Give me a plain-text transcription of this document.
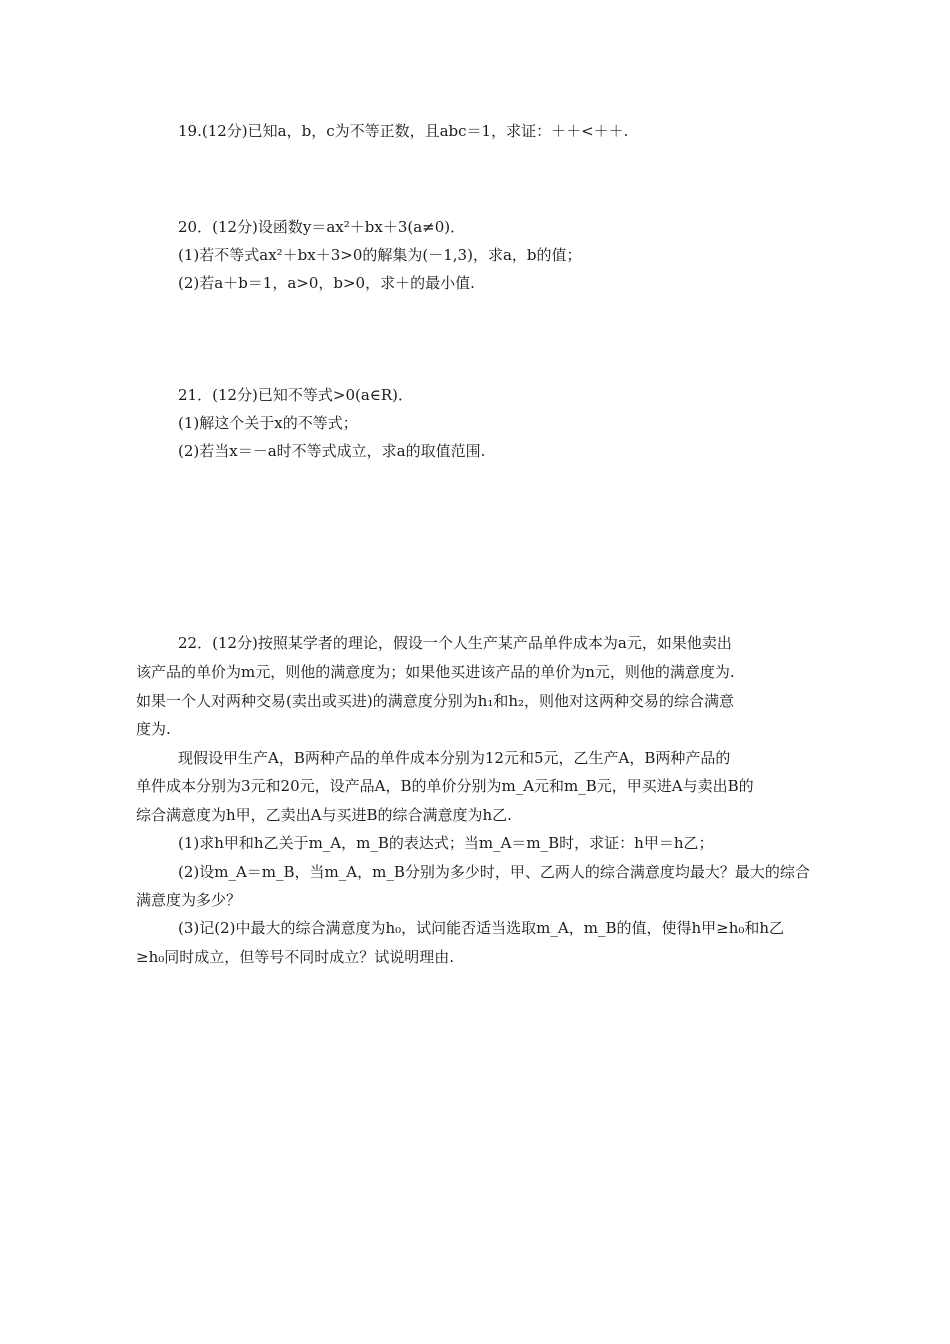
19.(12分)已知a，b，c为不等正数，且abc＝1，求证：＋＋<＋＋.
20．(12分)设函数y＝ax²＋bx＋3(a≠0)．
(1)若不等式ax²＋bx＋3>0的解集为(－1,3)，求a，b的值；
(2)若a＋b＝1，a>0，b>0，求＋的最小值.
21．(12分)已知不等式>0(a∈R)．
(1)解这个关于x的不等式；
(2)若当x＝－a时不等式成立，求a的取值范围.
22．(12分)按照某学者的理论，假设一个人生产某产品单件成本为a元，如果他卖出
该产品的单价为m元，则他的满意度为；如果他买进该产品的单价为n元，则他的满意度为.
如果一个人对两种交易(卖出或买进)的满意度分别为h₁和h₂，则他对这两种交易的综合满意
度为.
现假设甲生产A，B两种产品的单件成本分别为12元和5元，乙生产A，B两种产品的
单件成本分别为3元和20元，设产品A，B的单价分别为m_A元和m_B元，甲买进A与卖出B的
综合满意度为h甲，乙卖出A与买进B的综合满意度为h乙.
(1)求h甲和h乙关于m_A，m_B的表达式；当m_A＝m_B时，求证：h甲＝h乙；
(2)设m_A＝m_B，当m_A，m_B分别为多少时，甲、乙两人的综合满意度均最大？最大的综合
满意度为多少？
(3)记(2)中最大的综合满意度为h₀，试问能否适当选取m_A，m_B的值，使得h甲≥h₀和h乙
≥h₀同时成立，但等号不同时成立？试说明理由.
